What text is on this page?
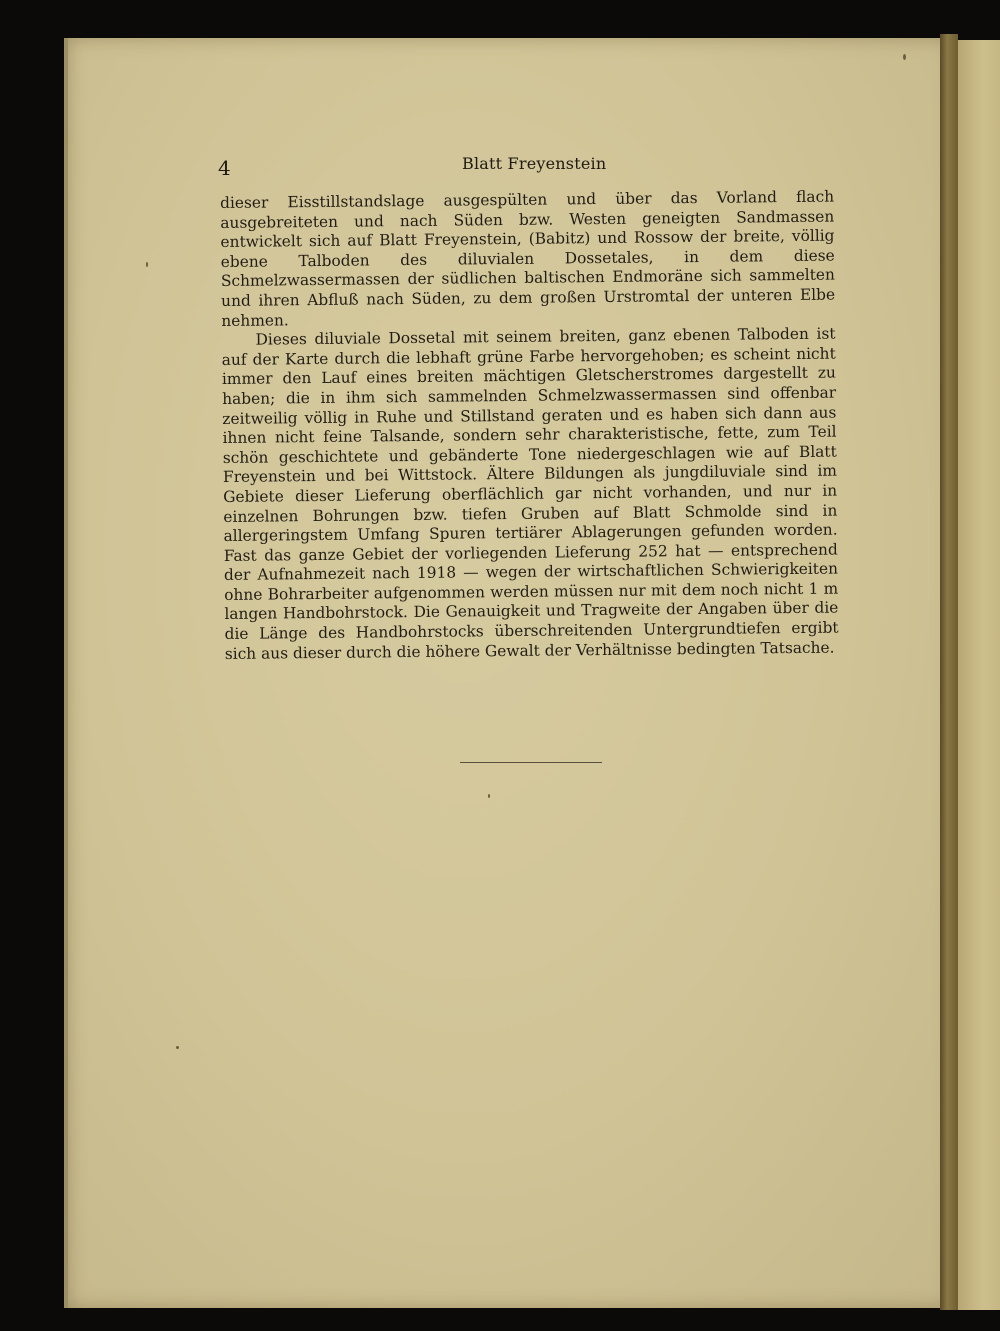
4	Blatt Freyenstein

dieser Eisstillstandslage ausgespülten und über das Vorland flach ausgebreiteten und nach Süden bzw. Westen geneigten Sandmassen entwickelt sich auf Blatt Freyenstein, (Babitz) und Rossow der breite, völlig ebene Talboden des diluvialen Dossetales, in dem diese Schmelzwassermassen der südlichen baltischen Endmoräne sich sammelten und ihren Abfluß nach Süden, zu dem großen Urstromtal der unteren Elbe nehmen.

Dieses diluviale Dossetal mit seinem breiten, ganz ebenen Talboden ist auf der Karte durch die lebhaft grüne Farbe hervorgehoben; es scheint nicht immer den Lauf eines breiten mächtigen Gletscherstromes dargestellt zu haben; die in ihm sich sammelnden Schmelzwassermassen sind offenbar zeitweilig völlig in Ruhe und Stillstand geraten und es haben sich dann aus ihnen nicht feine Talsande, sondern sehr charakteristische, fette, zum Teil schön geschichtete und gebänderte Tone niedergeschlagen wie auf Blatt Freyenstein und bei Wittstock. Ältere Bildungen als jungdiluviale sind im Gebiete dieser Lieferung oberflächlich gar nicht vorhanden, und nur in einzelnen Bohrungen bzw. tiefen Gruben auf Blatt Schmolde sind in allergeringstem Umfang Spuren tertiärer Ablagerungen gefunden worden. Fast das ganze Gebiet der vorliegenden Lieferung 252 hat — entsprechend der Aufnahmezeit nach 1918 — wegen der wirtschaftlichen Schwierigkeiten ohne Bohrarbeiter aufgenommen werden müssen nur mit dem noch nicht 1 m langen Handbohrstock. Die Genauigkeit und Tragweite der Angaben über die die Länge des Handbohrstocks überschreitenden Untergrundtiefen ergibt sich aus dieser durch die höhere Gewalt der Verhältnisse bedingten Tatsache.
